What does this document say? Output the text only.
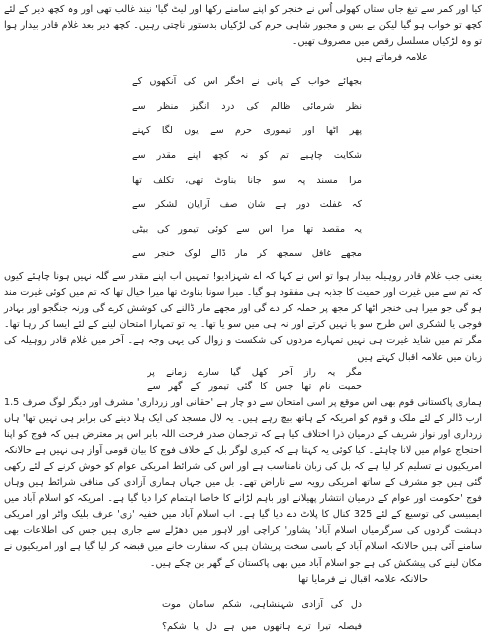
کیا اور کمر سے تیغ جاں ستاں کھولی اُس نے خنجر کو اپنے سامنے رکھا اور لیٹ گیا' نیند غالب تھی اور وہ کچھ دیر کے لئے کچھ تو خواب ہو گیا لیکن بے بس و مجبور شاہی حرم کی لڑکیاں بدستور ناچتی رہیں۔ کچھ دیر بعد غلام قادر بیدار ہوا تو وہ لڑکیاں مسلسل رقص میں مصروف تھیں۔

علامہ فرماتے ہیں

بجھائے خواب کے پانی نے اخگر اس کی آنکھوں کے

نظر شرمائی ظالم کی درد انگیز منظر سے

پھر اٹھا اور تیموری حرم سے یوں لگا کہنے

شکایت چاہیے تم کو نہ کچھ اپنے مقدر سے

مرا مسند پہ سو جانا بناوٹ تھی، تکلف تھا

کہ غفلت دور ہے شان صف آرایان لشکر سے

یہ مقصد تھا مرا اس سے کوئی تیمور کی بیٹی

مجھے غافل سمجھ کر مار ڈالے لوک خنجر سے

یعنی جب غلام قادر روہیلہ بیدار ہوا تو اس نے کہا کہ اے شہزادیو! تمہیں اب اپنے مقدر سے گلہ نہیں ہونا چاہئے کیوں کہ تم سے میں غیرت اور حمیت کا جذبہ ہی مفقود ہو گیا۔ میرا سونا بناوٹ تھا میرا خیال تھا کہ تم میں کوئی غیرت مند ہو گی جو میرا ہی خنجر اٹھا کر مجھ پر حملہ کر دے گی اور مجھے مار ڈالنے کی کوشش کرے گی ورنہ جنگجو اور بہادر فوجی یا لشکری اس طرح سو یا نہیں کرتے اور نہ ہی میں سو یا تھا۔ یہ تو تمہارا امتحان لینے کے لئے ایسا کر رہا تھا۔ مگر تم میں شاید غیرت ہی نہیں تمہارے مردوں کی شکست و زوال کی یہی وجہ ہے۔ آخر میں غلام قادر روہیلہ کی زبان میں علامہ اقبال کہتے ہیں

مگر یہ راز آخر کھل گیا سارے زمانے پر

حمیت نام تھا جس کا گئی تیمور کے گھر سے

ہماری پاکستانی قوم بھی اس موقع پر اسی امتحان سے دو چار ہے 'حقانی اور زرداری' مشرف اور دیگر لوگ صرف 1.5 ارب ڈالر کے لئے ملک و قوم کو امریکہ کے ہاتھ بیچ رہے ہیں۔ یہ لال مسجد کی ایک ہلا دینے کی برابر ہی نہیں تھا' ہاں زرداری اور نواز شریف کے درمیان ذرا اختلاف کیا ہے کہ ترجمان صدر فرحت اللہ بابر اس پر معترض ہیں کہ فوج کو اپنا احتجاج عوام میں لانا چاہئے۔ کیا کوئی یہ کہتا ہے کہ کیری لوگر بل کے خلاف فوج کا بیان قومی آواز ہی نہیں ہے حالانکہ امریکیوں نے تسلیم کر لیا ہے کہ بل کی زبان نامناسب ہے اور اس کی شرائط امریکی عوام کو خوش کرنے کے لئے رکھی گئی ہیں جو مشرف کے ساتھ امریکی رویہ سے ناراض تھے۔ بل میں جہاں ہماری آزادی کی منافی شرائط ہیں وہاں فوج 'حکومت اور عوام کے درمیان انتشار پھیلانے اور باہم لڑانے کا خاصا اہتمام کرا دیا گیا ہے۔ امریکہ کو اسلام آباد میں ایمبیسی کی توسیع کے لئے 325 کنال کا پلاٹ دے دیا گیا ہے۔ اب اسلام آباد میں خفیہ 'زی' عرف بلیک واٹر اور امریکی دہشت گردوں کی سرگرمیاں اسلام آباد' پشاور' کراچی اور لاہور میں دھڑلے سے جاری ہیں جس کی اطلاعات بھی سامنے آئی ہیں حالانکہ اسلام آباد کے باسی سخت پریشان ہیں کہ سفارت خانے میں قبضہ کر لیا گیا ہے اور امریکیوں نے مکان لینے کی پیشکش کی ہے جو اسلام آباد میں بھی پاکستان کے گھر بن چکے ہیں۔

حالانکہ علامہ اقبال نے فرمایا تھا

دل کی آزادی شہنشاہی، شکم سامان موت

فیصلہ تیرا ترے ہاتھوں میں ہے دل یا شکم؟
